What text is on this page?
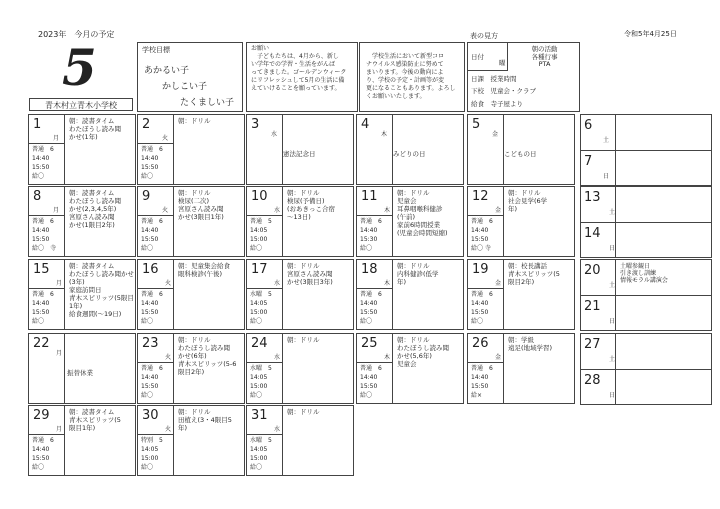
2023年　今月の予定	令和5年4月25日
5
青木村立青木小学校
学校目標
あかるい子
かしこい子
たくましい子
お願い
　子どもたちは、4月から、新し
い学年での学習・生活をがんば
ってきました。ゴールデンウィーク
にリフレッシュして5月の生活に備
えていけることを願っています。
　学校生活において新型コロ
ナウイルス感染防止に努めて
まいります。今後の動向によ
り、学校の予定・計画等が変
更になることもあります。よろし
くお願いいたします。
表の見方
日付
曜
朝の活動
各種行事
PTA
日課　 授業時間
下校　 児童会・クラブ
給食　 寺子屋より
1
月
朝：読書タイム
わたぼうし読み聞
かせ(1年)
普通　6
14:40
15:50
給〇
2
火
朝：ドリル
普通　6
14:40
15:50
給〇
3
水
憲法記念日
4
木
みどりの日
5
金
こどもの日
6
土
7
日
8
月
朝：読書タイム
わたぼうし読み聞
かせ(2,3,4,5年)
宮原さん読み聞
かせ(1限目2年)
普通　6
14:40
15:50
給〇　寺
9
火
朝：ドリル
検尿(二次)
宮原さん読み聞
かせ(3限目1年)
普通　6
14:40
15:50
給〇
10
水
朝：ドリル
検尿(予備日)
(おあきっこ合宿
～13日)
普通　5
14:05
15:00
給〇
11
木
朝：ドリル
児童会
耳鼻咽喉科健診
(午前)
家前6時間授業
(児童会時間短縮)
普通　6
14:40
15:30
給〇
12
金
朝：ドリル
社会見学(6学
年)
普通　6
14:40
15:50
給〇 寺
13
土
14
日
15
月
朝：読書タイム
わたぼうし読み聞かせ
(3年)
家庭訪問日
青木スピリッツ(5限目
1年)
給食週間(～19日)
普通　6
14:40
15:50
給〇
16
火
朝：児童集会給食
眼科検診(午後)
普通　6
14:40
15:50
給〇
17
水
朝：ドリル
宮原さん読み聞
かせ(3限目3年)
水曜　5
14:05
15:00
給〇
18
木
朝：ドリル
内科健診(低学
年)
普通　6
14:40
15:50
給〇
19
金
朝：校長講話
青木スピリッツ(5
限目2年)
普通　6
14:40
15:50
給〇
20
土
土曜参観日
引き渡し訓練
情報モラル講演会
21
日
22
月
振替休業
23
火
朝：ドリル
わたぼうし読み聞
かせ(6年)
青木スピリッツ(5-6
限目2年)
普通　6
14:40
15:50
給〇
24
水
朝：ドリル
水曜　5
14:05
15:00
給〇
25
木
朝：ドリル
わたぼうし読み聞
かせ(5,6年)
児童会
普通　6
14:40
15:50
給〇
26
金
朝：学級
遠足(地域学習)
普通　6
14:40
15:50
給×
27
土
28
日
29
月
朝：読書タイム
青木スピリッツ(5
限目1年)
普通　6
14:40
15:50
給〇
30
火
朝：ドリル
田植え(3・4限目5
年)
特別　5
14:05
15:00
給〇
31
水
朝：ドリル
水曜　5
14:05
15:00
給〇
